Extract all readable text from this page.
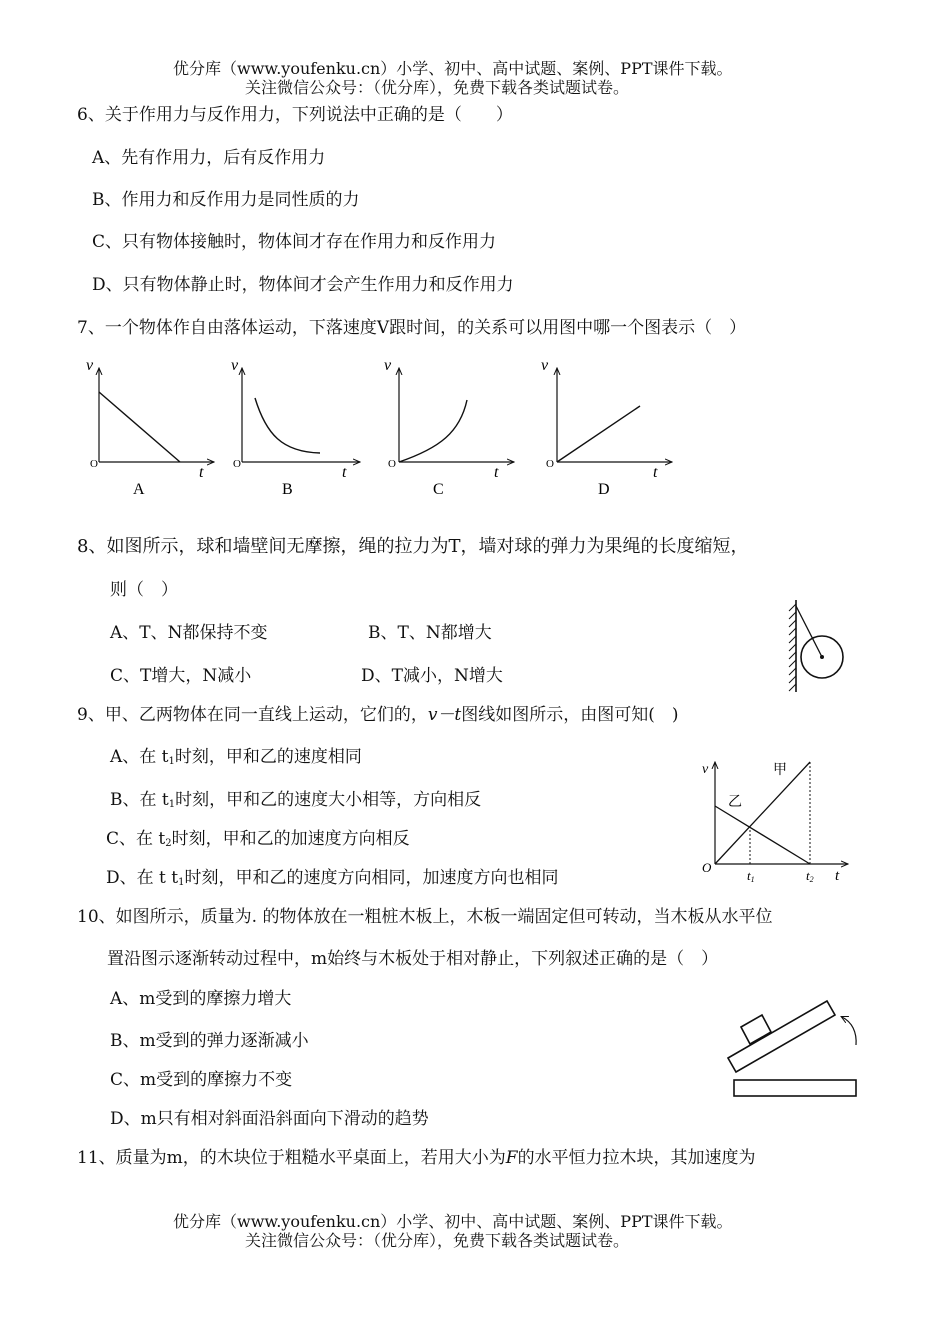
优分库（www.youfenku.cn）小学、初中、高中试题、案例、PPT课件下载。
关注微信公众号：（优分库），免费下载各类试题试卷。
6、关于作用力与反作用力，下列说法中正确的是（　　）
A、先有作用力，后有反作用力
B、作用力和反作用力是同性质的力
C、只有物体接触时，物体间才存在作用力和反作用力
D、只有物体静止时，物体间才会产生作用力和反作用力
7、一个物体作自由落体运动，下落速度V跟时间，的关系可以用图中哪一个图表示（　）
v
O	t
A
v
O	t
B
v
O	t
C
v
O	t
D
8、如图所示，球和墙壁间无摩擦，绳的拉力为T，墙对球的弹力为果绳的长度缩短，
则（　）
A、T、N都保持不变	B、T、N都增大
C、T增大，N减小	D、T减小，N增大
9、甲、乙两物体在同一直线上运动，它们的，v－t图线如图所示，由图可知(　)
A、在 $t_1$时刻，甲和乙的速度相同
B、在 $t_1$时刻，甲和乙的速度大小相等，方向相反
C、在 $t_2$时刻，甲和乙的加速度方向相反
D、在 t $t_1$时刻，甲和乙的速度方向相同，加速度方向也相同
v	甲
乙
O
t1	t2 t
10、如图所示，质量为. 的物体放在一粗桩木板上，木板一端固定但可转动，当木板从水平位
置沿图示逐渐转动过程中，m始终与木板处于相对静止，下列叙述正确的是（　）
A、m受到的摩擦力增大
B、m受到的弹力逐渐减小
C、m受到的摩擦力不变
D、m只有相对斜面沿斜面向下滑动的趋势
11、质量为m，的木块位于粗糙水平桌面上，若用大小为F的水平恒力拉木块，其加速度为
优分库（www.youfenku.cn）小学、初中、高中试题、案例、PPT课件下载。
关注微信公众号：（优分库），免费下载各类试题试卷。
